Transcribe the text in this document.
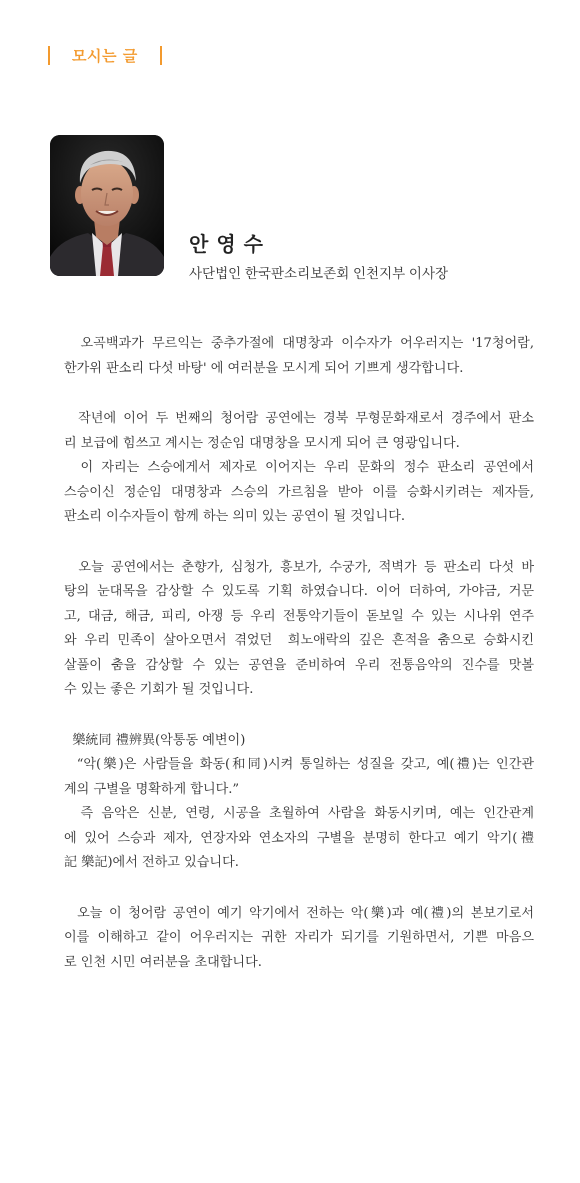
모시는 글
안영수
사단법인 한국판소리보존회 인천지부 이사장
오곡백과가 무르익는 중추가절에 대명창과 이수자가 어우러지는 '17청어람,
한가위 판소리 다섯 바탕' 에 여러분을 모시게 되어 기쁘게 생각합니다.
작년에 이어 두 번째의 청어람 공연에는 경북 무형문화재로서 경주에서 판소
리 보급에 힘쓰고 계시는 정순임 대명창을 모시게 되어 큰 영광입니다.
이 자리는 스승에게서 제자로 이어지는 우리 문화의 정수 판소리 공연에서
스승이신 정순임 대명창과 스승의 가르침을 받아 이를 승화시키려는 제자들,
판소리 이수자들이 함께 하는 의미 있는 공연이 될 것입니다.
오늘 공연에서는 춘향가, 심청가, 흥보가, 수궁가, 적벽가 등 판소리 다섯 바
탕의 눈대목을 감상할 수 있도록 기획 하였습니다. 이어 더하여, 가야금, 거문
고, 대금, 해금, 피리, 아쟁 등 우리 전통악기들이 돋보일 수 있는 시나위 연주
와 우리 민족이 살아오면서 겪었던  희노애락의 깊은 흔적을 춤으로 승화시킨
살풀이 춤을 감상할 수 있는 공연을 준비하여 우리 전통음악의 진수를 맛볼
수 있는 좋은 기회가 될 것입니다.
樂統同 禮辨異(악통동 예변이)
“악(樂)은 사람들을 화동(和同)시켜 통일하는 성질을 갖고, 예(禮)는 인간관
계의 구별을 명확하게 합니다.”
즉 음악은 신분, 연령, 시공을 초월하여 사람을 화동시키며, 예는 인간관계
에 있어 스승과 제자, 연장자와 연소자의 구별을 분명히 한다고 예기 악기(禮
記 樂記)에서 전하고 있습니다.
오늘 이 청어람 공연이 예기 악기에서 전하는 악(樂)과 예(禮)의 본보기로서
이를 이해하고 같이 어우러지는 귀한 자리가 되기를 기원하면서, 기쁜 마음으
로 인천 시민 여러분을 초대합니다.
